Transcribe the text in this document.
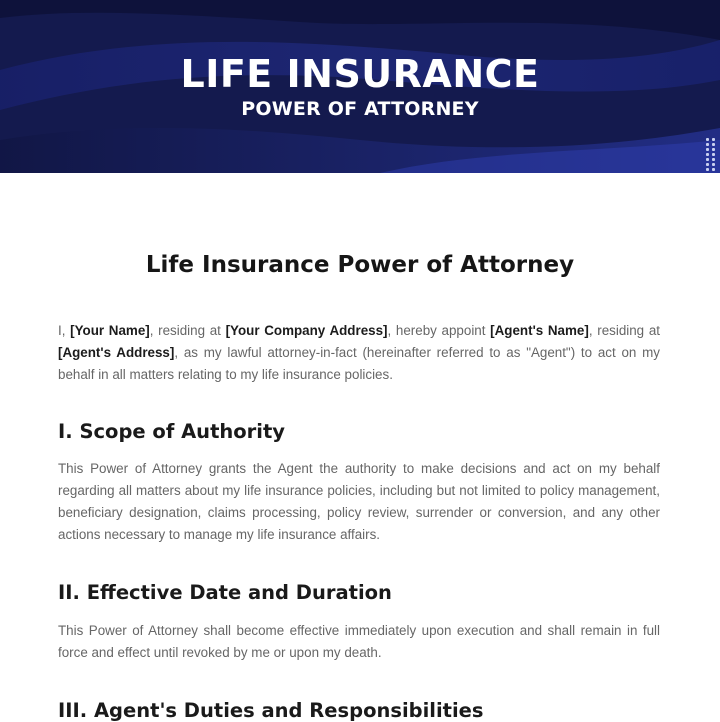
LIFE INSURANCE
POWER OF ATTORNEY
Life Insurance Power of Attorney

I, [Your Name], residing at [Your Company Address], hereby appoint [Agent's Name], residing at [Agent's Address], as my lawful attorney-in-fact (hereinafter referred to as "Agent") to act on my behalf in all matters relating to my life insurance policies.

I. Scope of Authority

This Power of Attorney grants the Agent the authority to make decisions and act on my behalf regarding all matters about my life insurance policies, including but not limited to policy management, beneficiary designation, claims processing, policy review, surrender or conversion, and any other actions necessary to manage my life insurance affairs.

II. Effective Date and Duration

This Power of Attorney shall become effective immediately upon execution and shall remain in full force and effect until revoked by me or upon my death.

III. Agent's Duties and Responsibilities
